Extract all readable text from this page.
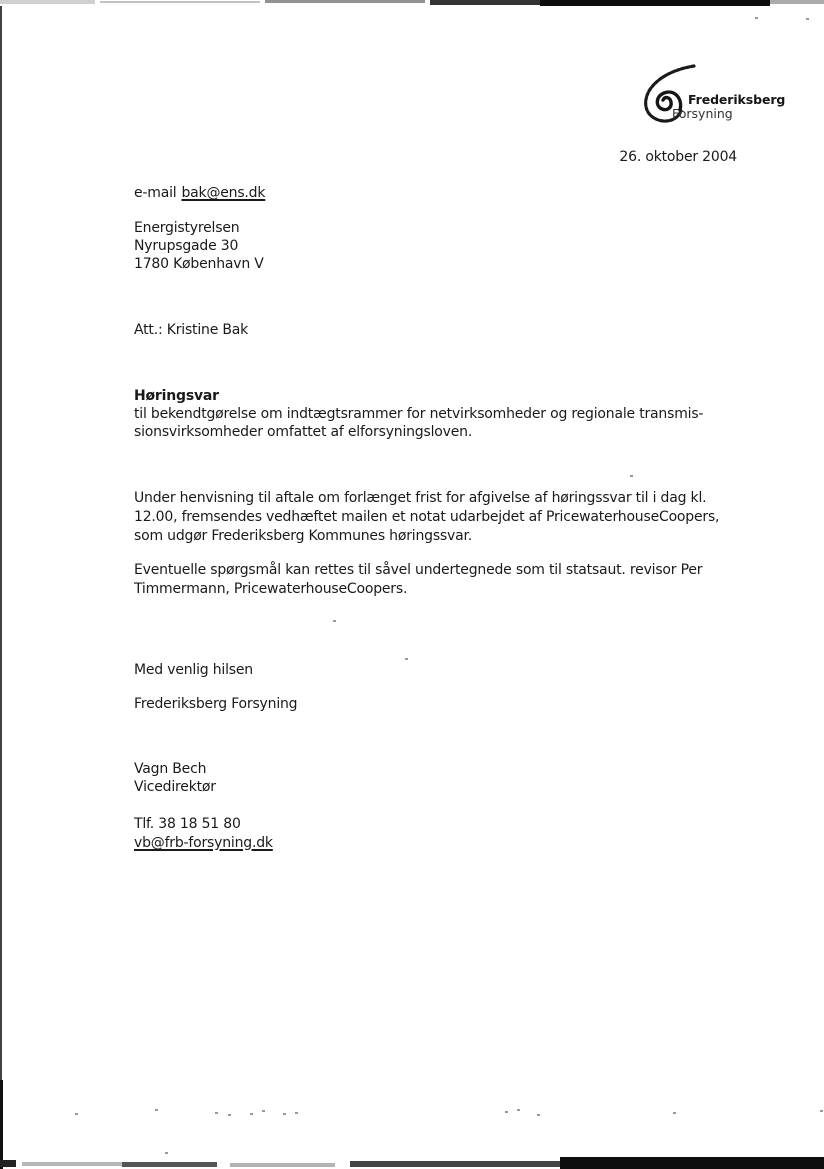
Frederiksberg
Forsyning
26. oktober 2004
e-mail bak@ens.dk
Energistyrelsen
Nyrupsgade 30
1780 København V
Att.: Kristine Bak
Høringsvar
til bekendtgørelse om indtægtsrammer for netvirksomheder og regionale transmis-
sionsvirksomheder omfattet af elforsyningsloven.
Under henvisning til aftale om forlænget frist for afgivelse af høringssvar til i dag kl.
12.00, fremsendes vedhæftet mailen et notat udarbejdet af PricewaterhouseCoopers,
som udgør Frederiksberg Kommunes høringssvar.
Eventuelle spørgsmål kan rettes til såvel undertegnede som til statsaut. revisor Per
Timmermann, PricewaterhouseCoopers.
Med venlig hilsen
Frederiksberg Forsyning
Vagn Bech
Vicedirektør
Tlf. 38 18 51 80
vb@frb-forsyning.dk
